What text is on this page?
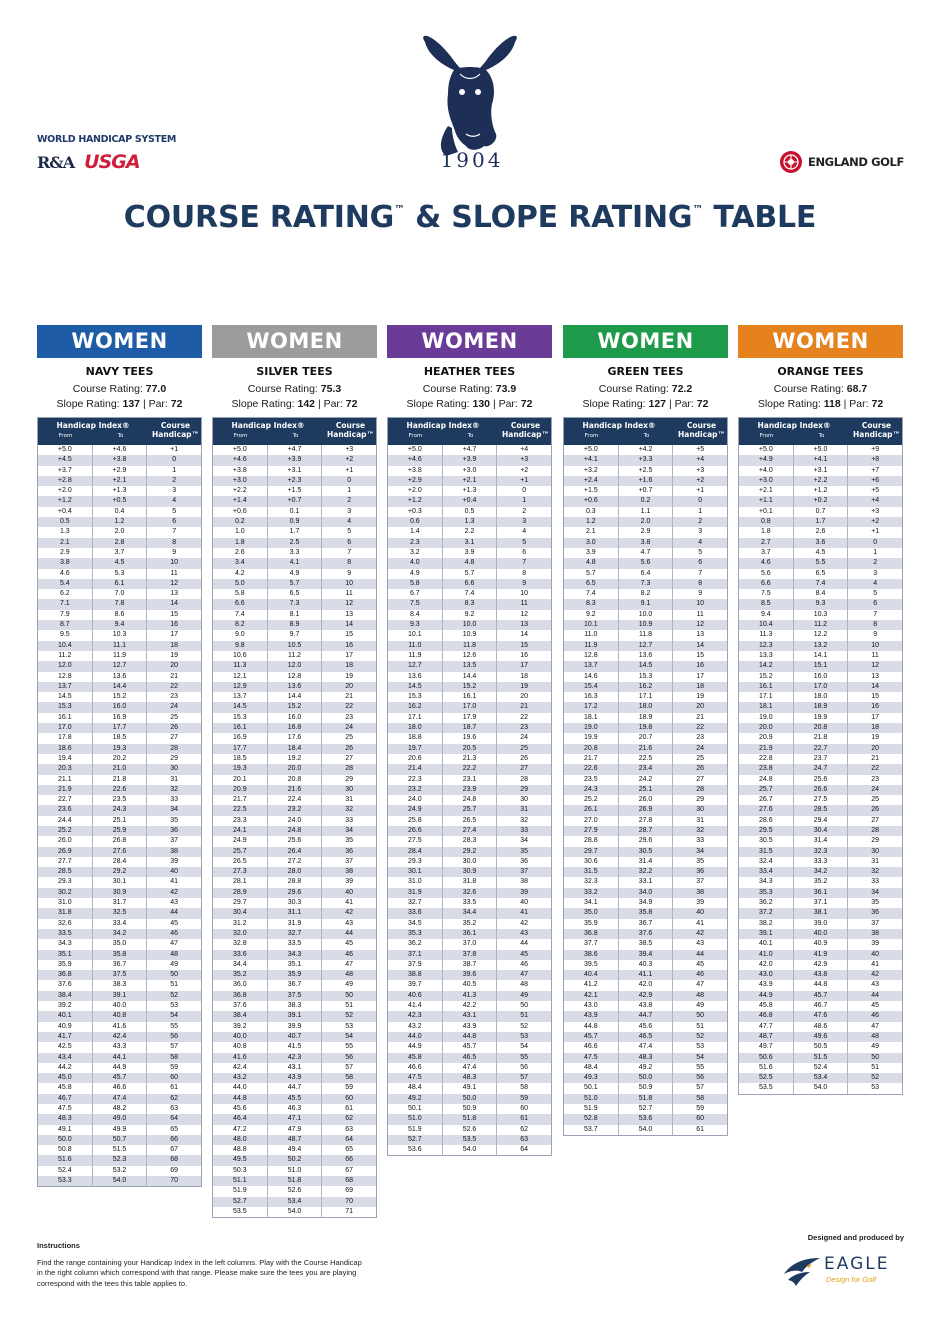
1904
WORLD HANDICAP SYSTEM
R&A USGA	ENGLAND GOLF
COURSE RATING™ & SLOPE RATING™ TABLE
WOMEN
NAVY TEES
Course Rating: 77.0
Slope Rating: 137 | Par: 72
Handicap Index®
From	To
Course
Handicap™
+5.0	+4.6	+1
+4.5	+3.8	0
+3.7	+2.9	1
+2.8	+2.1	2
+2.0	+1.3	3
+1.2	+0.5	4
+0.4	0.4	5
0.5	1.2	6
1.3	2.0	7
2.1	2.8	8
2.9	3.7	9
3.8	4.5	10
4.6	5.3	11
5.4	6.1	12
6.2	7.0	13
7.1	7.8	14
7.9	8.6	15
8.7	9.4	16
9.5	10.3	17
10.4	11.1	18
11.2	11.9	19
12.0	12.7	20
12.8	13.6	21
13.7	14.4	22
14.5	15.2	23
15.3	16.0	24
16.1	16.9	25
17.0	17.7	26
17.8	18.5	27
18.6	19.3	28
19.4	20.2	29
20.3	21.0	30
21.1	21.8	31
21.9	22.6	32
22.7	23.5	33
23.6	24.3	34
24.4	25.1	35
25.2	25.9	36
26.0	26.8	37
26.9	27.6	38
27.7	28.4	39
28.5	29.2	40
29.3	30.1	41
30.2	30.9	42
31.0	31.7	43
31.8	32.5	44
32.6	33.4	45
33.5	34.2	46
34.3	35.0	47
35.1	35.8	48
35.9	36.7	49
36.8	37.5	50
37.6	38.3	51
38.4	39.1	52
39.2	40.0	53
40.1	40.8	54
40.9	41.6	55
41.7	42.4	56
42.5	43.3	57
43.4	44.1	58
44.2	44.9	59
45.0	45.7	60
45.8	46.6	61
46.7	47.4	62
47.5	48.2	63
48.3	49.0	64
49.1	49.9	65
50.0	50.7	66
50.8	51.5	67
51.6	52.3	68
52.4	53.2	69
53.3	54.0	70
WOMEN
SILVER TEES
Course Rating: 75.3
Slope Rating: 142 | Par: 72
Handicap Index®
From	To
Course
Handicap™
+5.0	+4.7	+3
+4.6	+3.9	+2
+3.8	+3.1	+1
+3.0	+2.3	0
+2.2	+1.5	1
+1.4	+0.7	2
+0.6	0.1	3
0.2	0.9	4
1.0	1.7	5
1.8	2.5	6
2.6	3.3	7
3.4	4.1	8
4.2	4.9	9
5.0	5.7	10
5.8	6.5	11
6.6	7.3	12
7.4	8.1	13
8.2	8.9	14
9.0	9.7	15
9.8	10.5	16
10.6	11.2	17
11.3	12.0	18
12.1	12.8	19
12.9	13.6	20
13.7	14.4	21
14.5	15.2	22
15.3	16.0	23
16.1	16.8	24
16.9	17.6	25
17.7	18.4	26
18.5	19.2	27
19.3	20.0	28
20.1	20.8	29
20.9	21.6	30
21.7	22.4	31
22.5	23.2	32
23.3	24.0	33
24.1	24.8	34
24.9	25.6	35
25.7	26.4	36
26.5	27.2	37
27.3	28.0	38
28.1	28.8	39
28.9	29.6	40
29.7	30.3	41
30.4	31.1	42
31.2	31.9	43
32.0	32.7	44
32.8	33.5	45
33.6	34.3	46
34.4	35.1	47
35.2	35.9	48
36.0	36.7	49
36.8	37.5	50
37.6	38.3	51
38.4	39.1	52
39.2	39.9	53
40.0	40.7	54
40.8	41.5	55
41.6	42.3	56
42.4	43.1	57
43.2	43.9	58
44.0	44.7	59
44.8	45.5	60
45.6	46.3	61
46.4	47.1	62
47.2	47.9	63
48.0	48.7	64
48.8	49.4	65
49.5	50.2	66
50.3	51.0	67
51.1	51.8	68
51.9	52.6	69
52.7	53.4	70
53.5	54.0	71
WOMEN
HEATHER TEES
Course Rating: 73.9
Slope Rating: 130 | Par: 72
Handicap Index®
From	To
Course
Handicap™
+5.0	+4.7	+4
+4.6	+3.9	+3
+3.8	+3.0	+2
+2.9	+2.1	+1
+2.0	+1.3	0
+1.2	+0.4	1
+0.3	0.5	2
0.6	1.3	3
1.4	2.2	4
2.3	3.1	5
3.2	3.9	6
4.0	4.8	7
4.9	5.7	8
5.8	6.6	9
6.7	7.4	10
7.5	8.3	11
8.4	9.2	12
9.3	10.0	13
10.1	10.9	14
11.0	11.8	15
11.9	12.6	16
12.7	13.5	17
13.6	14.4	18
14.5	15.2	19
15.3	16.1	20
16.2	17.0	21
17.1	17.9	22
18.0	18.7	23
18.8	19.6	24
19.7	20.5	25
20.6	21.3	26
21.4	22.2	27
22.3	23.1	28
23.2	23.9	29
24.0	24.8	30
24.9	25.7	31
25.8	26.5	32
26.6	27.4	33
27.5	28.3	34
28.4	29.2	35
29.3	30.0	36
30.1	30.9	37
31.0	31.8	38
31.9	32.6	39
32.7	33.5	40
33.6	34.4	41
34.5	35.2	42
35.3	36.1	43
36.2	37.0	44
37.1	37.8	45
37.9	38.7	46
38.8	39.6	47
39.7	40.5	48
40.6	41.3	49
41.4	42.2	50
42.3	43.1	51
43.2	43.9	52
44.0	44.8	53
44.9	45.7	54
45.8	46.5	55
46.6	47.4	56
47.5	48.3	57
48.4	49.1	58
49.2	50.0	59
50.1	50.9	60
51.0	51.8	61
51.9	52.6	62
52.7	53.5	63
53.6	54.0	64
WOMEN
GREEN TEES
Course Rating: 72.2
Slope Rating: 127 | Par: 72
Handicap Index®
From	To
Course
Handicap™
+5.0	+4.2	+5
+4.1	+3.3	+4
+3.2	+2.5	+3
+2.4	+1.6	+2
+1.5	+0.7	+1
+0.6	0.2	0
0.3	1.1	1
1.2	2.0	2
2.1	2.9	3
3.0	3.8	4
3.9	4.7	5
4.8	5.6	6
5.7	6.4	7
6.5	7.3	8
7.4	8.2	9
8.3	9.1	10
9.2	10.0	11
10.1	10.9	12
11.0	11.8	13
11.9	12.7	14
12.8	13.6	15
13.7	14.5	16
14.6	15.3	17
15.4	16.2	18
16.3	17.1	19
17.2	18.0	20
18.1	18.9	21
19.0	19.8	22
19.9	20.7	23
20.8	21.6	24
21.7	22.5	25
22.6	23.4	26
23.5	24.2	27
24.3	25.1	28
25.2	26.0	29
26.1	26.9	30
27.0	27.8	31
27.9	28.7	32
28.8	29.6	33
29.7	30.5	34
30.6	31.4	35
31.5	32.2	36
32.3	33.1	37
33.2	34.0	38
34.1	34.9	39
35.0	35.8	40
35.9	36.7	41
36.8	37.6	42
37.7	38.5	43
38.6	39.4	44
39.5	40.3	45
40.4	41.1	46
41.2	42.0	47
42.1	42.9	48
43.0	43.8	49
43.9	44.7	50
44.8	45.6	51
45.7	46.5	52
46.6	47.4	53
47.5	48.3	54
48.4	49.2	55
49.3	50.0	56
50.1	50.9	57
51.0	51.8	58
51.9	52.7	59
52.8	53.6	60
53.7	54.0	61
WOMEN
ORANGE TEES
Course Rating: 68.7
Slope Rating: 118 | Par: 72
Handicap Index®
From	To
Course
Handicap™
+5.0	+5.0	+9
+4.9	+4.1	+8
+4.0	+3.1	+7
+3.0	+2.2	+6
+2.1	+1.2	+5
+1.1	+0.2	+4
+0.1	0.7	+3
0.8	1.7	+2
1.8	2.6	+1
2.7	3.6	0
3.7	4.5	1
4.6	5.5	2
5.6	6.5	3
6.6	7.4	4
7.5	8.4	5
8.5	9.3	6
9.4	10.3	7
10.4	11.2	8
11.3	12.2	9
12.3	13.2	10
13.3	14.1	11
14.2	15.1	12
15.2	16.0	13
16.1	17.0	14
17.1	18.0	15
18.1	18.9	16
19.0	19.9	17
20.0	20.8	18
20.9	21.8	19
21.9	22.7	20
22.8	23.7	21
23.8	24.7	22
24.8	25.6	23
25.7	26.6	24
26.7	27.5	25
27.6	28.5	26
28.6	29.4	27
29.5	30.4	28
30.5	31.4	29
31.5	32.3	30
32.4	33.3	31
33.4	34.2	32
34.3	35.2	33
35.3	36.1	34
36.2	37.1	35
37.2	38.1	36
38.2	39.0	37
39.1	40.0	38
40.1	40.9	39
41.0	41.9	40
42.0	42.9	41
43.0	43.8	42
43.9	44.8	43
44.9	45.7	44
45.8	46.7	45
46.8	47.6	46
47.7	48.6	47
48.7	49.6	48
49.7	50.5	49
50.6	51.5	50
51.6	52.4	51
52.5	53.4	52
53.5	54.0	53
Instructions
Find the range containing your Handicap Index in the left columns. Play with the Course Handicap in the right column which correspond with that range. Please make sure the tees you are playing correspond with the tees this table applies to.
Designed and produced by
EAGLE
Design for Golf
